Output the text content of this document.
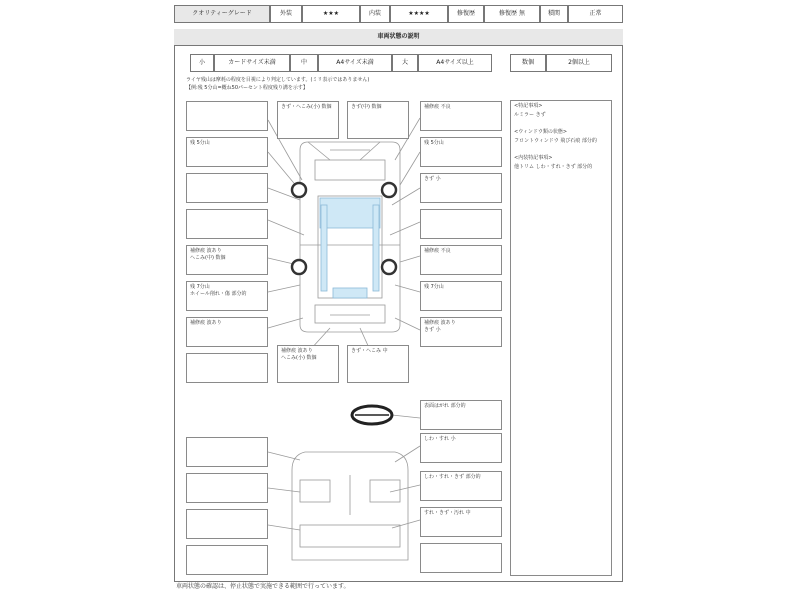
クオリティーグレード	外装	★★★	内装	★★★★	修復歴	修復歴 無	積関	正常
車両状態の説明
小	カードサイズ未満	中	A4サイズ未満	大	A4サイズ以上	数個	2個以上
ライヤ残山は摩耗の程度を目視により判定しています。(ミリ表示ではありません)
【例:残 5分山=概ね50パーセント程度残り溝を示す】
残 5分山
補修痕 波あり
へこみ(中) 数個
残 7分山
ホイール削れ・傷 部分的
補修痕 波あり
きず・へこみ(小) 数個	きず(中) 数個	補修痕 不良
残 5分山
きず 小
補修痕 不良
残 7分山
補修痕 波あり
きず 小
補修痕 波あり
へこみ(小) 数個
きず・へこみ 中
表面はがれ 部分的
しわ・すれ 小
しわ・すれ・きず 部分的
すれ・きず・汚れ 中
<特記事項>
ルミラー きず
<ウィンドウ類の状態>
フロントウィンドウ 飛び石痕 部分的
<内装特記事項>
他トリム しわ・すれ・きず 部分的
車両状態の確認は、停止状態で実施できる範囲で行っています。
